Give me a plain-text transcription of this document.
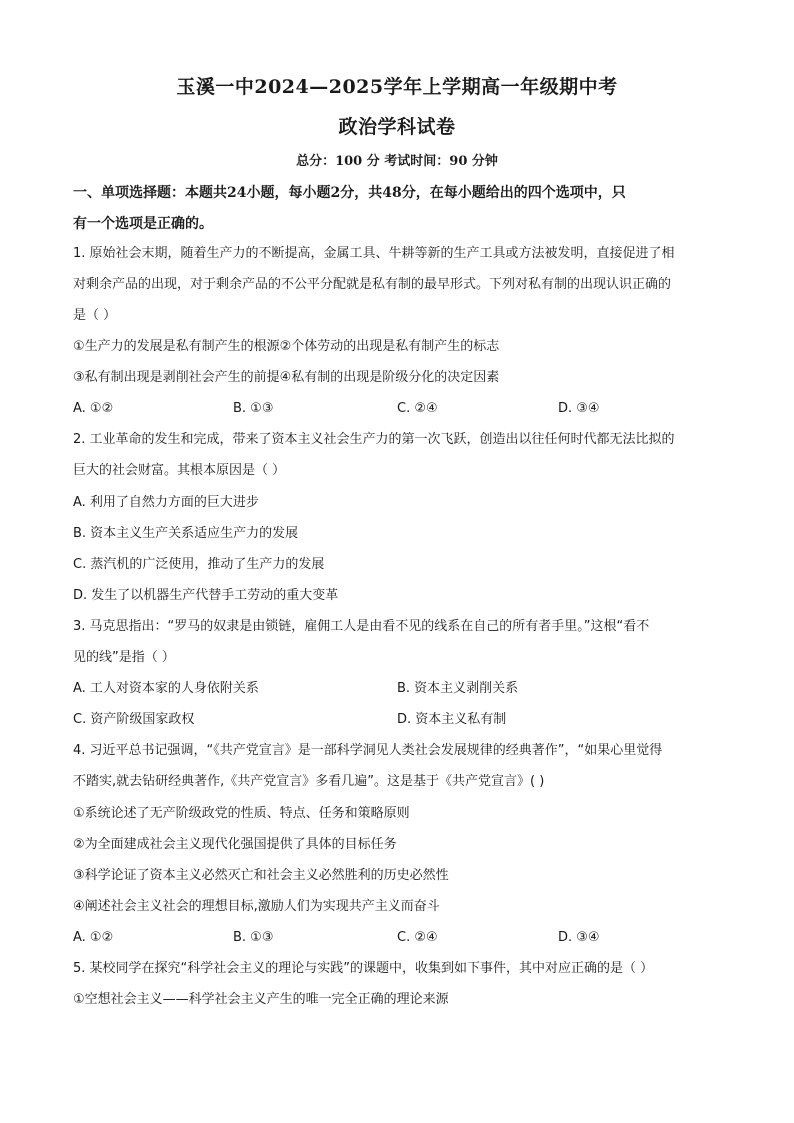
玉溪一中2024—2025学年上学期高一年级期中考
政治学科试卷
总分：100 分 考试时间：90 分钟
一、单项选择题：本题共24小题，每小题2分，共48分，在每小题给出的四个选项中，只
有一个选项是正确的。
1. 原始社会末期，随着生产力的不断提高，金属工具、牛耕等新的生产工具或方法被发明，直接促进了相
对剩余产品的出现，对于剩余产品的不公平分配就是私有制的最早形式。下列对私有制的出现认识正确的
是（ ）
①生产力的发展是私有制产生的根源②个体劳动的出现是私有制产生的标志
③私有制出现是剥削社会产生的前提④私有制的出现是阶级分化的决定因素
A. ①②	B. ①③	C. ②④	D. ③④
2. 工业革命的发生和完成，带来了资本主义社会生产力的第一次飞跃，创造出以往任何时代都无法比拟的
巨大的社会财富。其根本原因是（ ）
A. 利用了自然力方面的巨大进步
B. 资本主义生产关系适应生产力的发展
C. 蒸汽机的广泛使用，推动了生产力的发展
D. 发生了以机器生产代替手工劳动的重大变革
3. 马克思指出：“罗马的奴隶是由锁链，雇佣工人是由看不见的线系在自己的所有者手里。”这根“看不
见的线”是指（ ）
A. 工人对资本家的人身依附关系	B. 资本主义剥削关系
C. 资产阶级国家政权	D. 资本主义私有制
4. 习近平总书记强调，“《共产党宣言》是一部科学洞见人类社会发展规律的经典著作”，“如果心里觉得
不踏实,就去钻研经典著作,《共产党宣言》多看几遍”。这是基于《共产党宣言》( )
①系统论述了无产阶级政党的性质、特点、任务和策略原则
②为全面建成社会主义现代化强国提供了具体的目标任务
③科学论证了资本主义必然灭亡和社会主义必然胜利的历史必然性
④阐述社会主义社会的理想目标,激励人们为实现共产主义而奋斗
A. ①②	B. ①③	C. ②④	D. ③④
5. 某校同学在探究“科学社会主义的理论与实践”的课题中，收集到如下事件，其中对应正确的是（ ）
①空想社会主义——科学社会主义产生的唯一完全正确的理论来源
